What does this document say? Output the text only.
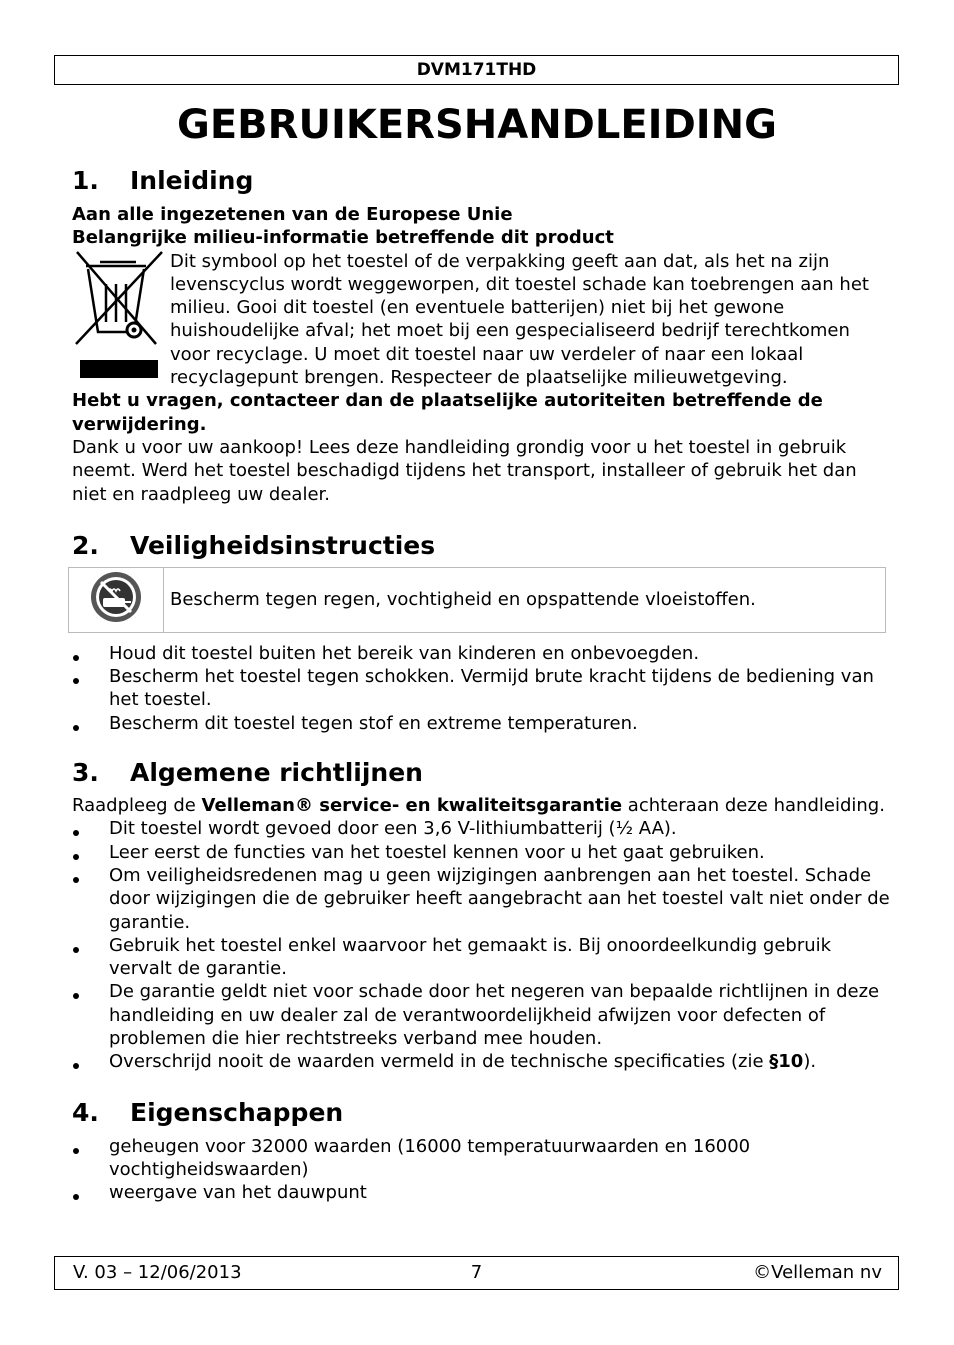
DVM171THD
GEBRUIKERSHANDLEIDING
1.	Inleiding

Aan alle ingezetenen van de Europese Unie

Belangrijke milieu-informatie betreffende dit product

Dit symbool op het toestel of de verpakking geeft aan dat, als het na zijn levenscyclus wordt weggeworpen, dit toestel schade kan toebrengen aan het milieu. Gooi dit toestel (en eventuele batterijen) niet bij het gewone huishoudelijke afval; het moet bij een gespecialiseerd bedrijf terechtkomen voor recyclage. U moet dit toestel naar uw verdeler of naar een lokaal recyclagepunt brengen. Respecteer de plaatselijke milieuwetgeving.

Hebt u vragen, contacteer dan de plaatselijke autoriteiten betreffende de verwijdering.

Dank u voor uw aankoop! Lees deze handleiding grondig voor u het toestel in gebruik neemt. Werd het toestel beschadigd tijdens het transport, installeer of gebruik het dan niet en raadpleeg uw dealer.

2.	Veiligheidsinstructies
Bescherm tegen regen, vochtigheid en opspattende vloeistoffen.
Houd dit toestel buiten het bereik van kinderen en onbevoegden.
Bescherm het toestel tegen schokken. Vermijd brute kracht tijdens de bediening van het toestel.
Bescherm dit toestel tegen stof en extreme temperaturen.
3.	Algemene richtlijnen

Raadpleeg de Velleman® service- en kwaliteitsgarantie achteraan deze handleiding.

Dit toestel wordt gevoed door een 3,6 V-lithiumbatterij (½ AA).
Leer eerst de functies van het toestel kennen voor u het gaat gebruiken.
Om veiligheidsredenen mag u geen wijzigingen aanbrengen aan het toestel. Schade door wijzigingen die de gebruiker heeft aangebracht aan het toestel valt niet onder de garantie.
Gebruik het toestel enkel waarvoor het gemaakt is. Bij onoordeelkundig gebruik vervalt de garantie.
De garantie geldt niet voor schade door het negeren van bepaalde richtlijnen in deze handleiding en uw dealer zal de verantwoordelijkheid afwijzen voor defecten of problemen die hier rechtstreeks verband mee houden.
Overschrijd nooit de waarden vermeld in de technische specificaties (zie §10).
4.	Eigenschappen
geheugen voor 32000 waarden (16000 temperatuurwaarden en 16000 vochtigheidswaarden)
weergave van het dauwpunt
V. 03 – 12/06/2013	7	©Velleman nv
